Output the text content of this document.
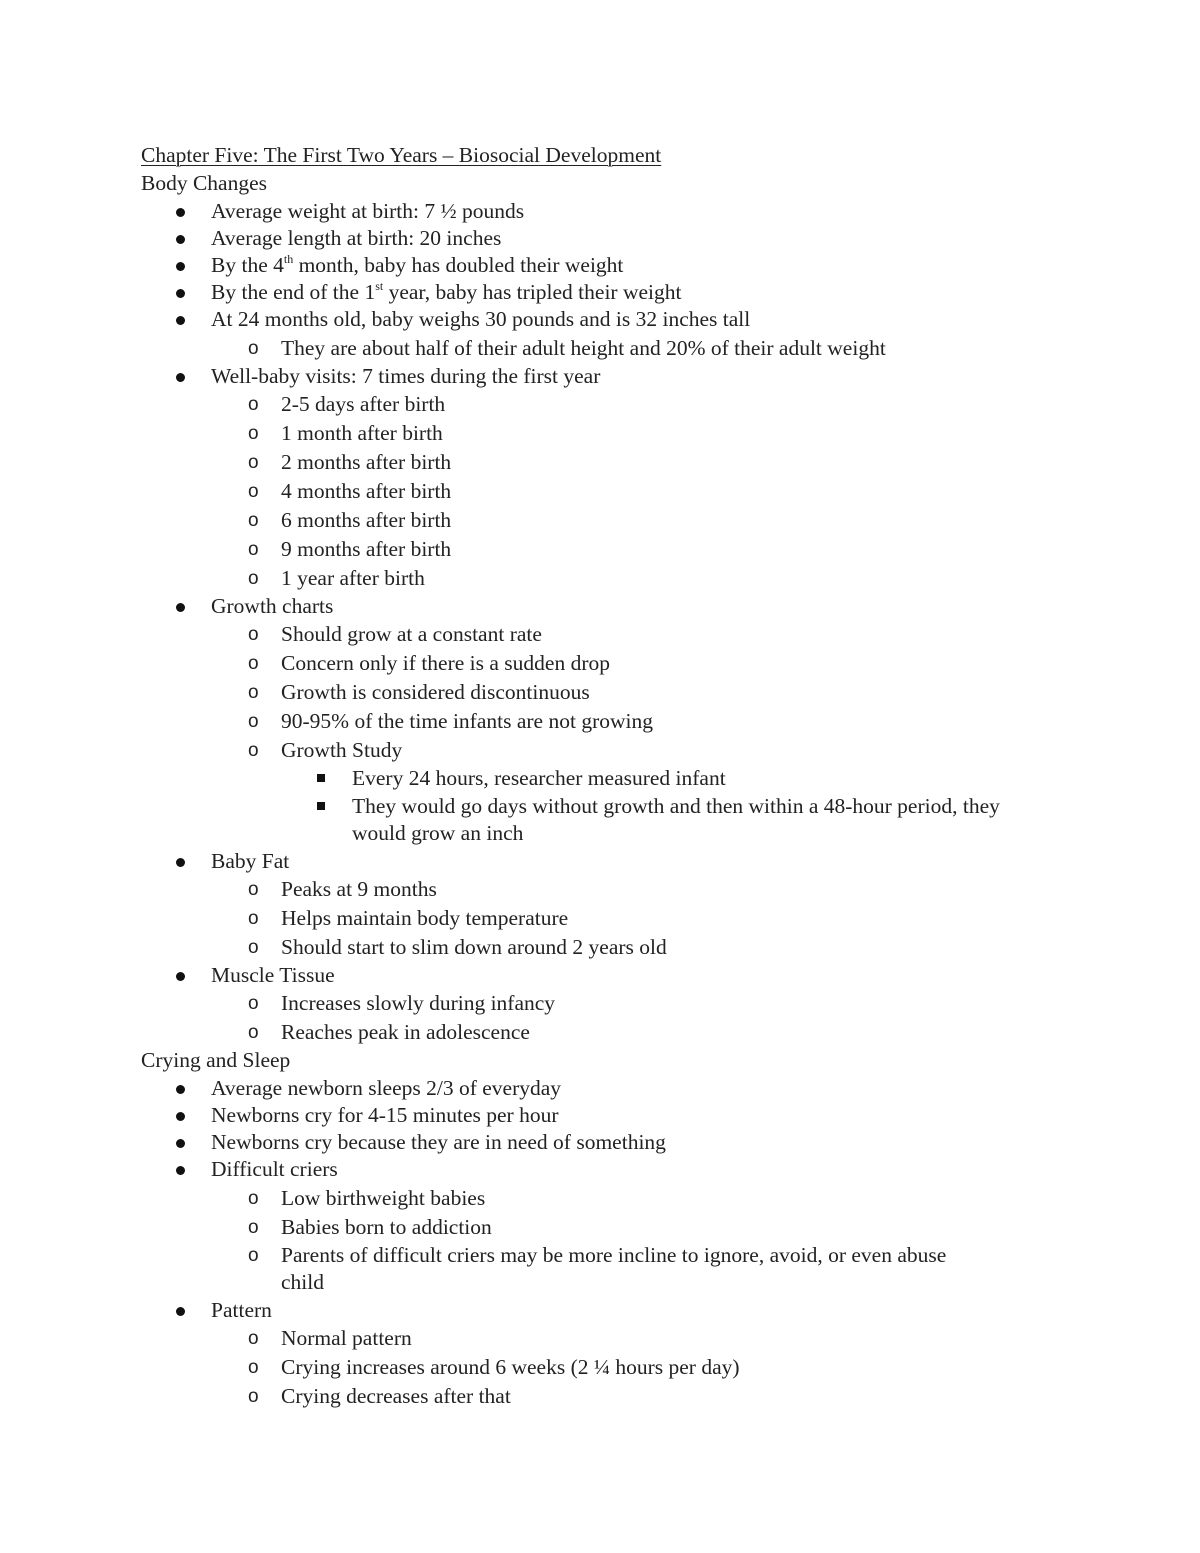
Chapter Five: The First Two Years – Biosocial Development
Body Changes
Average weight at birth: 7 ½ pounds
Average length at birth: 20 inches
By the 4th month, baby has doubled their weight
By the end of the 1st year, baby has tripled their weight
At 24 months old, baby weighs 30 pounds and is 32 inches tall
o They are about half of their adult height and 20% of their adult weight
Well-baby visits: 7 times during the first year
o 2-5 days after birth
o 1 month after birth
o 2 months after birth
o 4 months after birth
o 6 months after birth
o 9 months after birth
o 1 year after birth
Growth charts
o Should grow at a constant rate
o Concern only if there is a sudden drop
o Growth is considered discontinuous
o 90-95% of the time infants are not growing
o Growth Study
Every 24 hours, researcher measured infant
They would go days without growth and then within a 48-hour period, they would grow an inch
Baby Fat
o Peaks at 9 months
o Helps maintain body temperature
o Should start to slim down around 2 years old
Muscle Tissue
o Increases slowly during infancy
o Reaches peak in adolescence
Crying and Sleep
Average newborn sleeps 2/3 of everyday
Newborns cry for 4-15 minutes per hour
Newborns cry because they are in need of something
Difficult criers
o Low birthweight babies
o Babies born to addiction
o Parents of difficult criers may be more incline to ignore, avoid, or even abuse child
Pattern
o Normal pattern
o Crying increases around 6 weeks (2 ¼ hours per day)
o Crying decreases after that
